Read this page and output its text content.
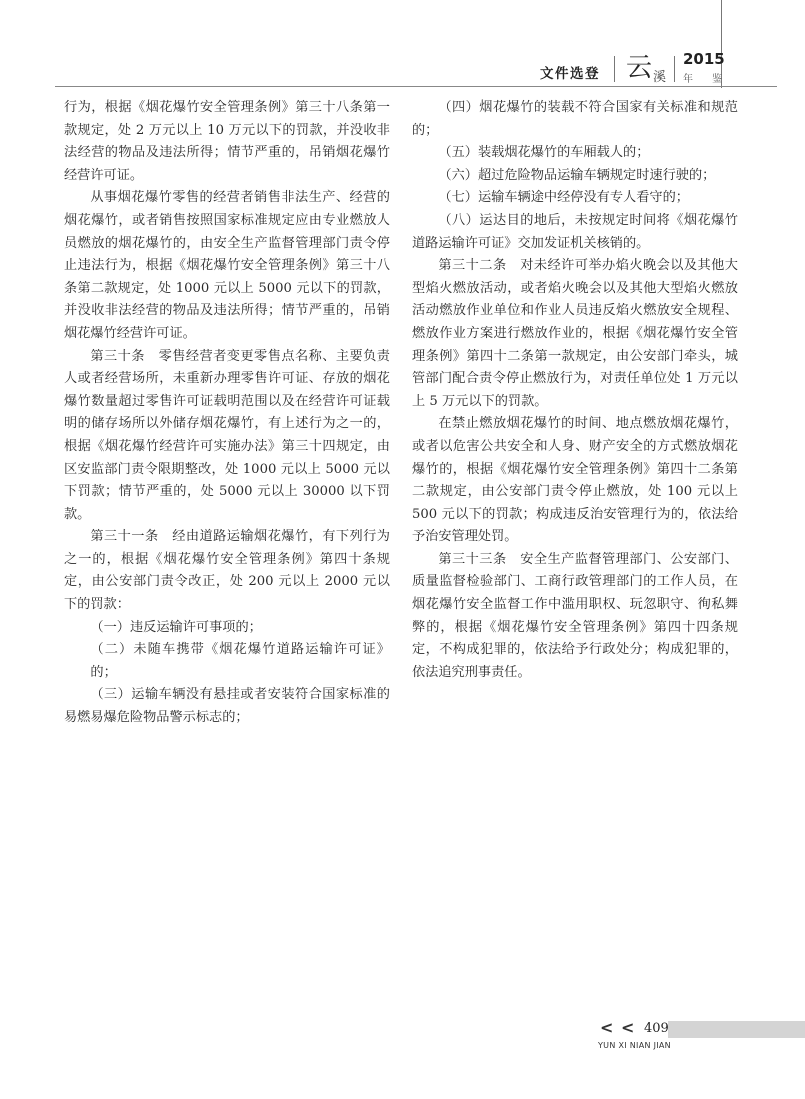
文件选登 云 溪
2015
年 鉴

行为，根据《烟花爆竹安全管理条例》第三十八条第一款规定，处 2 万元以上 10 万元以下的罚款，并没收非法经营的物品及违法所得；情节严重的，吊销烟花爆竹经营许可证。

从事烟花爆竹零售的经营者销售非法生产、经营的烟花爆竹，或者销售按照国家标准规定应由专业燃放人员燃放的烟花爆竹的，由安全生产监督管理部门责令停止违法行为，根据《烟花爆竹安全管理条例》第三十八条第二款规定，处 1000 元以上 5000 元以下的罚款，并没收非法经营的物品及违法所得；情节严重的，吊销烟花爆竹经营许可证。

第三十条　零售经营者变更零售点名称、主要负责人或者经营场所，未重新办理零售许可证、存放的烟花爆竹数量超过零售许可证载明范围以及在经营许可证载明的储存场所以外储存烟花爆竹，有上述行为之一的，根据《烟花爆竹经营许可实施办法》第三十四规定，由区安监部门责令限期整改，处 1000 元以上 5000 元以下罚款；情节严重的，处 5000 元以上 30000 以下罚款。

第三十一条　经由道路运输烟花爆竹，有下列行为之一的，根据《烟花爆竹安全管理条例》第四十条规定，由公安部门责令改正，处 200 元以上 2000 元以下的罚款：

（一）违反运输许可事项的；

（二）未随车携带《烟花爆竹道路运输许可证》的；

（三）运输车辆没有悬挂或者安装符合国家标准的易燃易爆危险物品警示标志的；

（四）烟花爆竹的装载不符合国家有关标准和规范的；

（五）装载烟花爆竹的车厢载人的；

（六）超过危险物品运输车辆规定时速行驶的；

（七）运输车辆途中经停没有专人看守的；

（八）运达目的地后，未按规定时间将《烟花爆竹道路运输许可证》交加发证机关核销的。

第三十二条　对未经许可举办焰火晚会以及其他大型焰火燃放活动，或者焰火晚会以及其他大型焰火燃放活动燃放作业单位和作业人员违反焰火燃放安全规程、燃放作业方案进行燃放作业的，根据《烟花爆竹安全管理条例》第四十二条第一款规定，由公安部门牵头，城管部门配合责令停止燃放行为，对责任单位处 1 万元以上 5 万元以下的罚款。

在禁止燃放烟花爆竹的时间、地点燃放烟花爆竹，或者以危害公共安全和人身、财产安全的方式燃放烟花爆竹的，根据《烟花爆竹安全管理条例》第四十二条第二款规定，由公安部门责令停止燃放，处 100 元以上 500 元以下的罚款；构成违反治安管理行为的，依法给予治安管理处罚。

第三十三条　安全生产监督管理部门、公安部门、质量监督检验部门、工商行政管理部门的工作人员，在烟花爆竹安全监督工作中滥用职权、玩忽职守、徇私舞弊的，根据《烟花爆竹安全管理条例》第四十四条规定，不构成犯罪的，依法给予行政处分；构成犯罪的，依法追究刑事责任。

< < 409
YUN XI NIAN JIAN
